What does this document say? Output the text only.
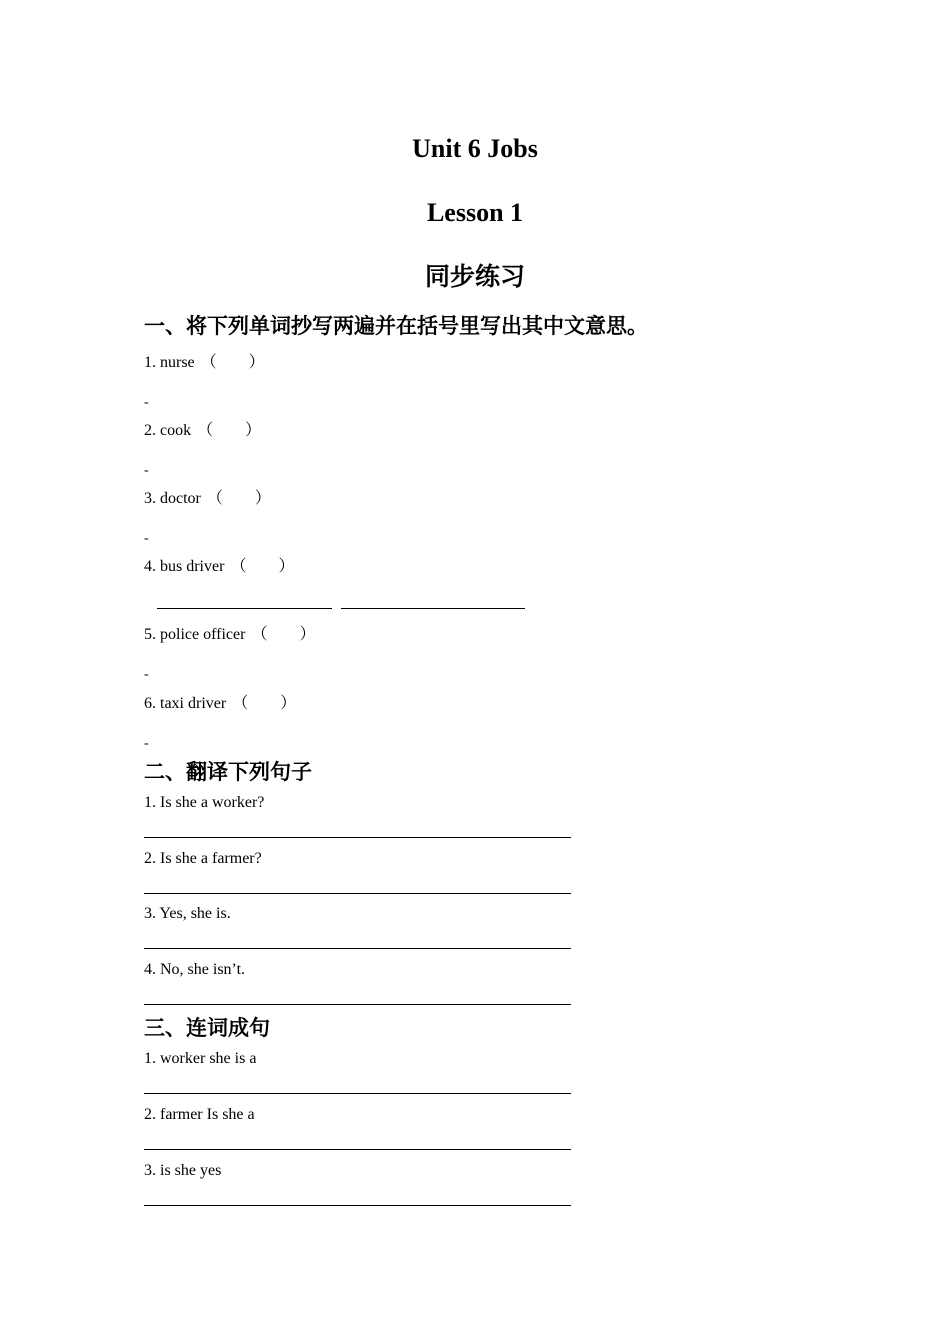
Unit 6 Jobs
Lesson 1
同步练习
一、将下列单词抄写两遍并在括号里写出其中文意思。
1. nurse （　　）
-
2. cook （　　）
-
3. doctor （　　）
-
4. bus driver （　　）
5. police officer （　　）
-
6. taxi driver （　　）
-
二、翻译下列句子
1. Is she a worker?
2. Is she a farmer?
3. Yes, she is.
4. No, she isn’t.
三、连词成句
1. worker she is a
2. farmer Is she a
3. is she yes
